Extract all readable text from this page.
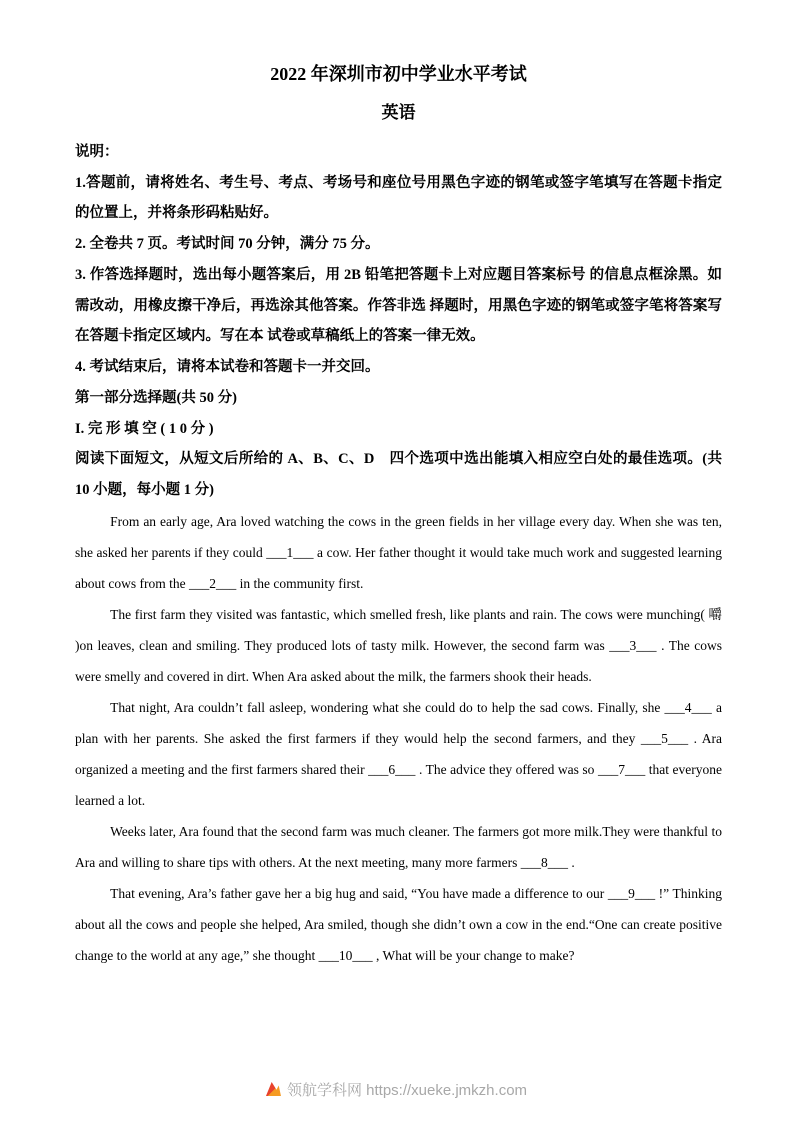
2022 年深圳市初中学业水平考试
英语

说明：

1.答题前，请将姓名、考生号、考点、考场号和座位号用黑色字迹的钢笔或签字笔填写在答题卡指定的位置上，并将条形码粘贴好。

2. 全卷共 7 页。考试时间 70 分钟，满分 75 分。

3. 作答选择题时，选出每小题答案后，用 2B 铅笔把答题卡上对应题目答案标号 的信息点框涂黑。如需改动，用橡皮擦干净后，再选涂其他答案。作答非选 择题时，用黑色字迹的钢笔或签字笔将答案写在答题卡指定区域内。写在本 试卷或草稿纸上的答案一律无效。

4. 考试结束后，请将本试卷和答题卡一并交回。

第一部分选择题(共 50 分)

I. 完 形 填 空 ( 1 0 分 )

阅读下面短文，从短文后所给的 A、B、C、D　四个选项中选出能填入相应空白处的最佳选项。(共 10 小题，每小题 1 分)

From an early age, Ara loved watching the cows in the green fields in her village every day. When she was ten, she asked her parents if they could ___1___ a cow. Her father thought it would take much work and suggested learning about cows from the ___2___ in the community first.

The first farm they visited was fantastic, which smelled fresh, like plants and rain. The cows were munching( 嚼 )on leaves, clean and smiling. They produced lots of tasty milk. However, the second farm was ___3___ . The cows were smelly and covered in dirt. When Ara asked about the milk, the farmers shook their heads.

That night, Ara couldn’t fall asleep, wondering what she could do to help the sad cows. Finally, she ___4___ a plan with her parents. She asked the first farmers if they would help the second farmers, and they ___5___ . Ara organized a meeting and the first farmers shared their ___6___ . The advice they offered was so ___7___ that everyone learned a lot.

Weeks later, Ara found that the second farm was much cleaner. The farmers got more milk.They were thankful to Ara and willing to share tips with others. At the next meeting, many more farmers ___8___ .

That evening, Ara’s father gave her a big hug and said, “You have made a difference to our ___9___ !” Thinking about all the cows and people she helped, Ara smiled, though she didn’t own a cow in the end.“One can create positive change to the world at any age,” she thought ___10___ , What will be your change to make?

领航学科网 https://xueke.jmkzh.com
